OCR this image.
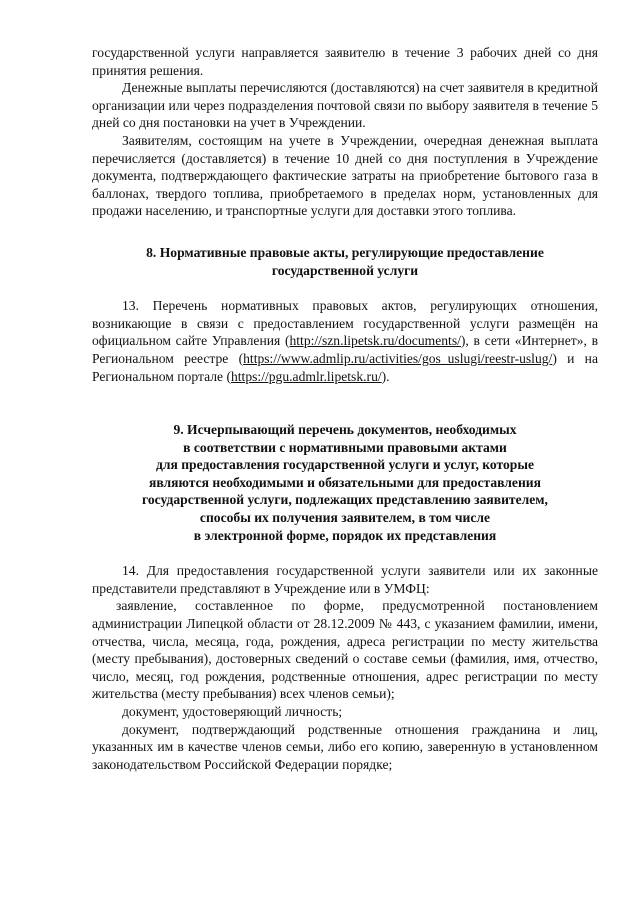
государственной услуги направляется заявителю в течение 3 рабочих дней со дня принятия решения.

Денежные выплаты перечисляются (доставляются) на счет заявителя в кредитной организации или через подразделения почтовой связи по выбору заявителя в течение 5 дней со дня постановки на учет в Учреждении.

Заявителям, состоящим на учете в Учреждении, очередная денежная выплата перечисляется (доставляется) в течение 10 дней со дня поступления в Учреждение документа, подтверждающего фактические затраты на приобретение бытового газа в баллонах, твердого топлива, приобретаемого в пределах норм, установленных для продажи населению, и транспортные услуги для доставки этого топлива.

8. Нормативные правовые акты, регулирующие предоставление
государственной услуги

13. Перечень нормативных правовых актов, регулирующих отношения, возникающие в связи с предоставлением государственной услуги размещён на официальном сайте Управления (http://szn.lipetsk.ru/documents/), в сети «Интернет», в Региональном реестре (https://www.admlip.ru/activities/gos_uslugi/reestr-uslug/) и на Региональном портале (https://pgu.admlr.lipetsk.ru/).

9. Исчерпывающий перечень документов, необходимых
в соответствии с нормативными правовыми актами
для предоставления государственной услуги и услуг, которые
являются необходимыми и обязательными для предоставления
государственной услуги, подлежащих представлению заявителем,
способы их получения заявителем, в том числе
в электронной форме, порядок их представления

14. Для предоставления государственной услуги заявители или их законные представители представляют в Учреждение или в УМФЦ:

заявление, составленное по форме, предусмотренной постановлением администрации Липецкой области от 28.12.2009 № 443, с указанием фамилии, имени, отчества, числа, месяца, года, рождения, адреса регистрации по месту жительства (месту пребывания), достоверных сведений о составе семьи (фамилия, имя, отчество, число, месяц, год рождения, родственные отношения, адрес регистрации по месту жительства (месту пребывания) всех членов семьи);

документ, удостоверяющий личность;

документ, подтверждающий родственные отношения гражданина и лиц, указанных им в качестве членов семьи, либо его копию, заверенную в установленном законодательством Российской Федерации порядке;
